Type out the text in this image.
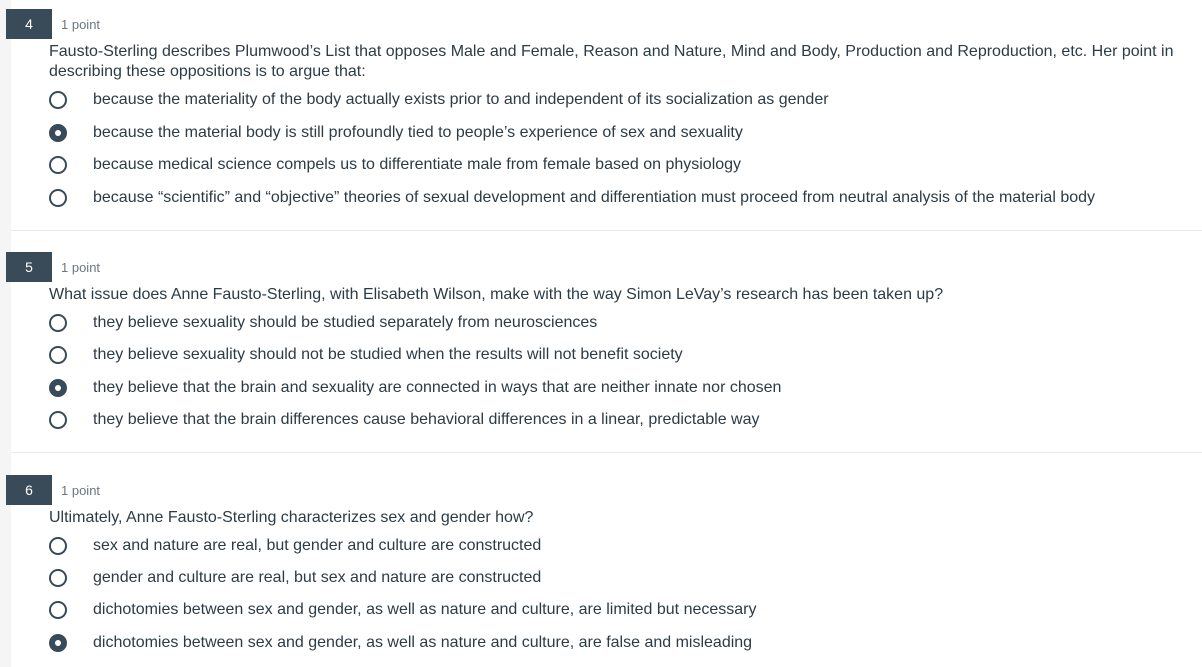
4	1 point
Fausto-Sterling describes Plumwood’s List that opposes Male and Female, Reason and Nature, Mind and Body, Production and Reproduction, etc. Her point in describing these oppositions is to argue that:
because the materiality of the body actually exists prior to and independent of its socialization as gender
because the material body is still profoundly tied to people’s experience of sex and sexuality
because medical science compels us to differentiate male from female based on physiology
because “scientific” and “objective” theories of sexual development and differentiation must proceed from neutral analysis of the material body
5	1 point
What issue does Anne Fausto-Sterling, with Elisabeth Wilson, make with the way Simon LeVay’s research has been taken up?
they believe sexuality should be studied separately from neurosciences
they believe sexuality should not be studied when the results will not benefit society
they believe that the brain and sexuality are connected in ways that are neither innate nor chosen
they believe that the brain differences cause behavioral differences in a linear, predictable way
6	1 point
Ultimately, Anne Fausto-Sterling characterizes sex and gender how?
sex and nature are real, but gender and culture are constructed
gender and culture are real, but sex and nature are constructed
dichotomies between sex and gender, as well as nature and culture, are limited but necessary
dichotomies between sex and gender, as well as nature and culture, are false and misleading
